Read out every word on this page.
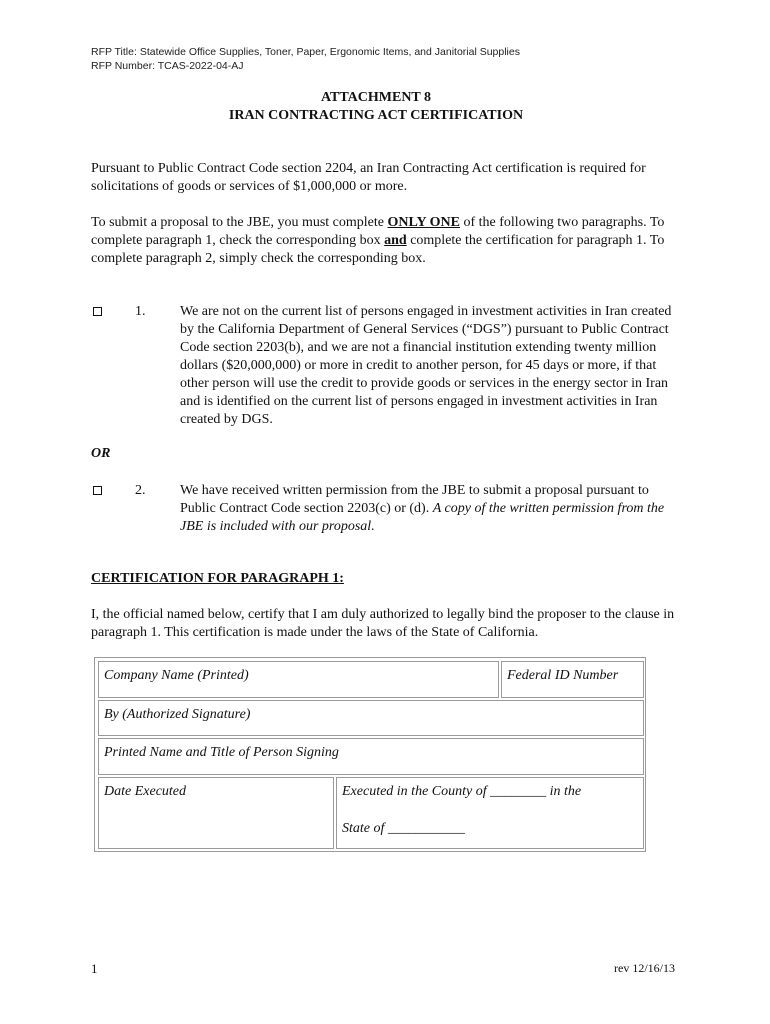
RFP Title: Statewide Office Supplies, Toner, Paper, Ergonomic Items, and Janitorial Supplies
RFP Number: TCAS-2022-04-AJ
ATTACHMENT 8
IRAN CONTRACTING ACT CERTIFICATION
Pursuant to Public Contract Code section 2204, an Iran Contracting Act certification is required for solicitations of goods or services of $1,000,000 or more.
To submit a proposal to the JBE, you must complete ONLY ONE of the following two paragraphs. To complete paragraph 1, check the corresponding box and complete the certification for paragraph 1. To complete paragraph 2, simply check the corresponding box.
1. We are not on the current list of persons engaged in investment activities in Iran created by the California Department of General Services (“DGS”) pursuant to Public Contract Code section 2203(b), and we are not a financial institution extending twenty million dollars ($20,000,000) or more in credit to another person, for 45 days or more, if that other person will use the credit to provide goods or services in the energy sector in Iran and is identified on the current list of persons engaged in investment activities in Iran created by DGS.
OR
2. We have received written permission from the JBE to submit a proposal pursuant to Public Contract Code section 2203(c) or (d). A copy of the written permission from the JBE is included with our proposal.
CERTIFICATION FOR PARAGRAPH 1:
I, the official named below, certify that I am duly authorized to legally bind the proposer to the clause in paragraph 1. This certification is made under the laws of the State of California.
Company Name (Printed)	Federal ID Number
By (Authorized Signature)
Printed Name and Title of Person Signing
Date Executed	Executed in the County of ________ in the
State of ___________
1	rev 12/16/13
